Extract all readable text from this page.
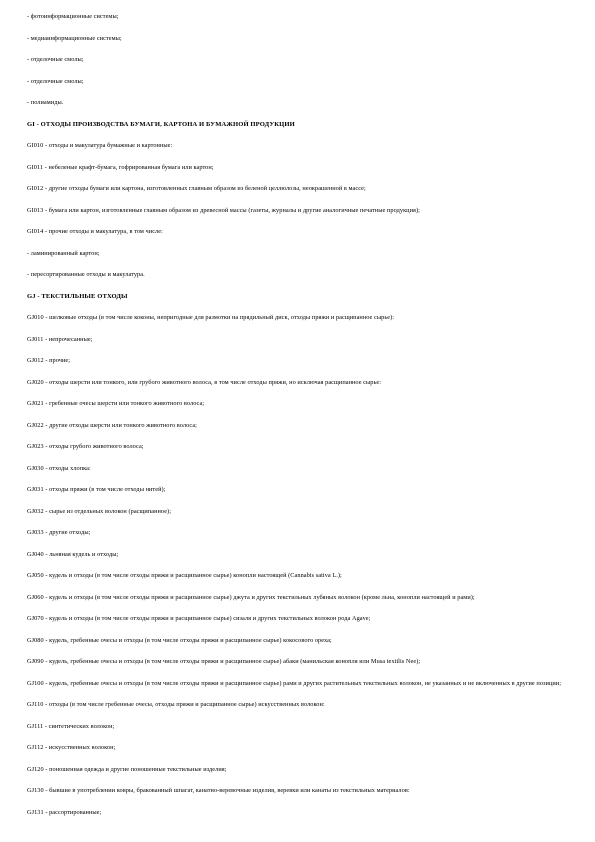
- фотоинформационные системы;

- медиаинформационные системы;

- отделочные смолы;

- отделочные смолы;

- полиамиды.

GI - ОТХОДЫ ПРОИЗВОДСТВА БУМАГИ, КАРТОНА И БУМАЖНОЙ ПРОДУКЦИИ

GI010 - отходы и макулатура бумажные и картонные:

GI011 - небеленые крафт-бумага, гофрированная бумага или картон;

GI012 - другие отходы бумаги или картона, изготовленных главным образом из беленой целлюлозы, неокрашенной в массе;

GI013 - бумага или картон, изготовленные главным образом из древесной массы (газеты, журналы и другие аналогичные печатные продукция);

GI014 - прочие отходы и макулатура, в том числе:

- ламинированный картон;

- пересортированные отходы и макулатура.

GJ - ТЕКСТИЛЬНЫЕ ОТХОДЫ

GJ010 - шелковые отходы (в том числе коконы, непригодные для размотки на прядильный диск, отходы пряжи и расщипанное сырье):

GJ011 - непрочесанные;

GJ012 - прочие;

GJ020 - отходы шерсти или тонкого, или грубого животного волоса, в том числе отходы пряжи, но исключая расщипанное сырье:

GJ021 - гребенные очесы шерсти или тонкого животного волоса;

GJ022 - другие отходы шерсти или тонкого животного волоса;

GJ023 - отходы грубого животного волоса;

GJ030 - отходы хлопка:

GJ031 - отходы пряжи (в том числе отходы нитей);

GJ032 - сырье из отдельных волокон (расщипанное);

GJ033 - другие отходы;

GJ040 - льняная кудель и отходы;

GJ050 - кудель и отходы (в том числе отходы пряжи и расщипанное сырье) конопли настоящей (Cannabis sativa L.);

GJ060 - кудель и отходы (в том числе отходы пряжи и расщипанное сырье) джута и других текстильных лубяных волокон (кроме льна, конопли настоящей и рами);

GJ070 - кудель и отходы (в том числе отходы пряжи и расщипанное сырье) сизаля и других текстильных волокон рода Agave;

GJ080 - кудель, гребенные очесы и отходы (в том числе отходы пряжи и расщипанное сырье) кокосового ореха;

GJ090 - кудель, гребенные очесы и отходы (в том числе отходы пряжи и расщипанное сырье) абаки (манильская конопля или Musa textilis Nee);

GJ100 - кудель, гребенные очесы и отходы (в том числе отходы пряжи и расщипанное сырье) рами и других растительных текстильных волокон, не указанных и не включенных в другие позиции;

GJ110 - отходы (в том числе гребенные очесы, отходы пряжи и расщипанное сырье) искусственных волокон:

GJ111 - синтетических волокон;

GJ112 - искусственных волокон;

GJ120 - поношенная одежда и другие поношенные текстильные изделия;

GJ130 - бывшие в употреблении ковры, бракованный шпагат, канатно-веревочные изделия, веревки или канаты из текстильных материалов:

GJ131 - рассортированные;
